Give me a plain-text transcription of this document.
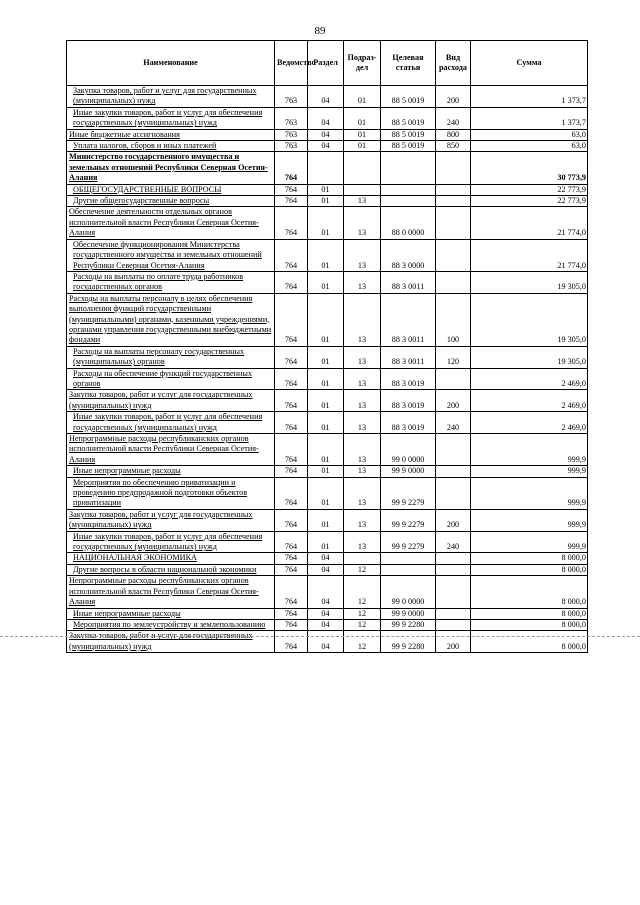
89
Наименование	Ведомство	Раздел	Подраз-дел	Целевая статья	Вид расхода	Сумма
Закупка товаров, работ и услуг для государственных (муниципальных) нужд	763	04	01	88 5 0019	200	1 373,7
Иные закупки товаров, работ и услуг для обеспечения государственных (муниципальных) нужд	763	04	01	88 5 0019	240	1 373,7
Иные бюджетные ассигнования	763	04	01	88 5 0019	800	63,0
Уплата налогов, сборов и иных платежей	763	04	01	88 5 0019	850	63,0
Министерство государственного имущества и земельных отношений Республики Северная Осетия-Алания	764					30 773,9
ОБЩЕГОСУДАРСТВЕННЫЕ ВОПРОСЫ	764	01				22 773,9
Другие общегосударственные вопросы	764	01	13			22 773,9
Обеспечение деятельности отдельных органов исполнительной власти Республики Северная Осетия-Алания	764	01	13	88 0 0000		21 774,0
Обеспечение функционирования Министерства государственного имущества и земельных отношений Республики Северная Осетия-Алания	764	01	13	88 3 0000		21 774,0
Расходы на выплаты по оплате труда работников государственных органов	764	01	13	88 3 0011		19 305,0
Расходы на выплаты персоналу в целях обеспечения выполнения функций государственными (муниципальными) органами, казенными учреждениями, органами управления государственными внебюджетными фондами	764	01	13	88 3 0011	100	19 305,0
Расходы на выплаты персоналу государственных (муниципальных) органов	764	01	13	88 3 0011	120	19 305,0
Расходы на обеспечение функций государственных органов	764	01	13	88 3 0019		2 469,0
Закупка товаров, работ и услуг для государственных (муниципальных) нужд	764	01	13	88 3 0019	200	2 469,0
Иные закупки товаров, работ и услуг для обеспечения государственных (муниципальных) нужд	764	01	13	88 3 0019	240	2 469,0
Непрограммные расходы республиканских органов исполнительной власти Республики Северная Осетия-Алания	764	01	13	99 0 0000		999,9
Иные непрограммные расходы	764	01	13	99 9 0000		999,9
Мероприятия по обеспечению приватизации и проведению предпродажной подготовки объектов приватизации	764	01	13	99 9 2279		999,9
Закупка товаров, работ и услуг для государственных (муниципальных) нужд	764	01	13	99 9 2279	200	999,9
Иные закупки товаров, работ и услуг для обеспечения государственных (муниципальных) нужд	764	01	13	99 9 2279	240	999,9
НАЦИОНАЛЬНАЯ ЭКОНОМИКА	764	04				8 000,0
Другие вопросы в области национальной экономики	764	04	12			8 000,0
Непрограммные расходы республиканских органов исполнительной власти Республики Северная Осетия-Алания	764	04	12	99 0 0000		8 000,0
Иные непрограммные расходы	764	04	12	99 9 0000		8 000,0
Мероприятия по землеустройству и землепользованию	764	04	12	99 9 2280		8 000,0
Закупка товаров, работ и услуг для государственных (муниципальных) нужд	764	04	12	99 9 2280	200	8 000,0
